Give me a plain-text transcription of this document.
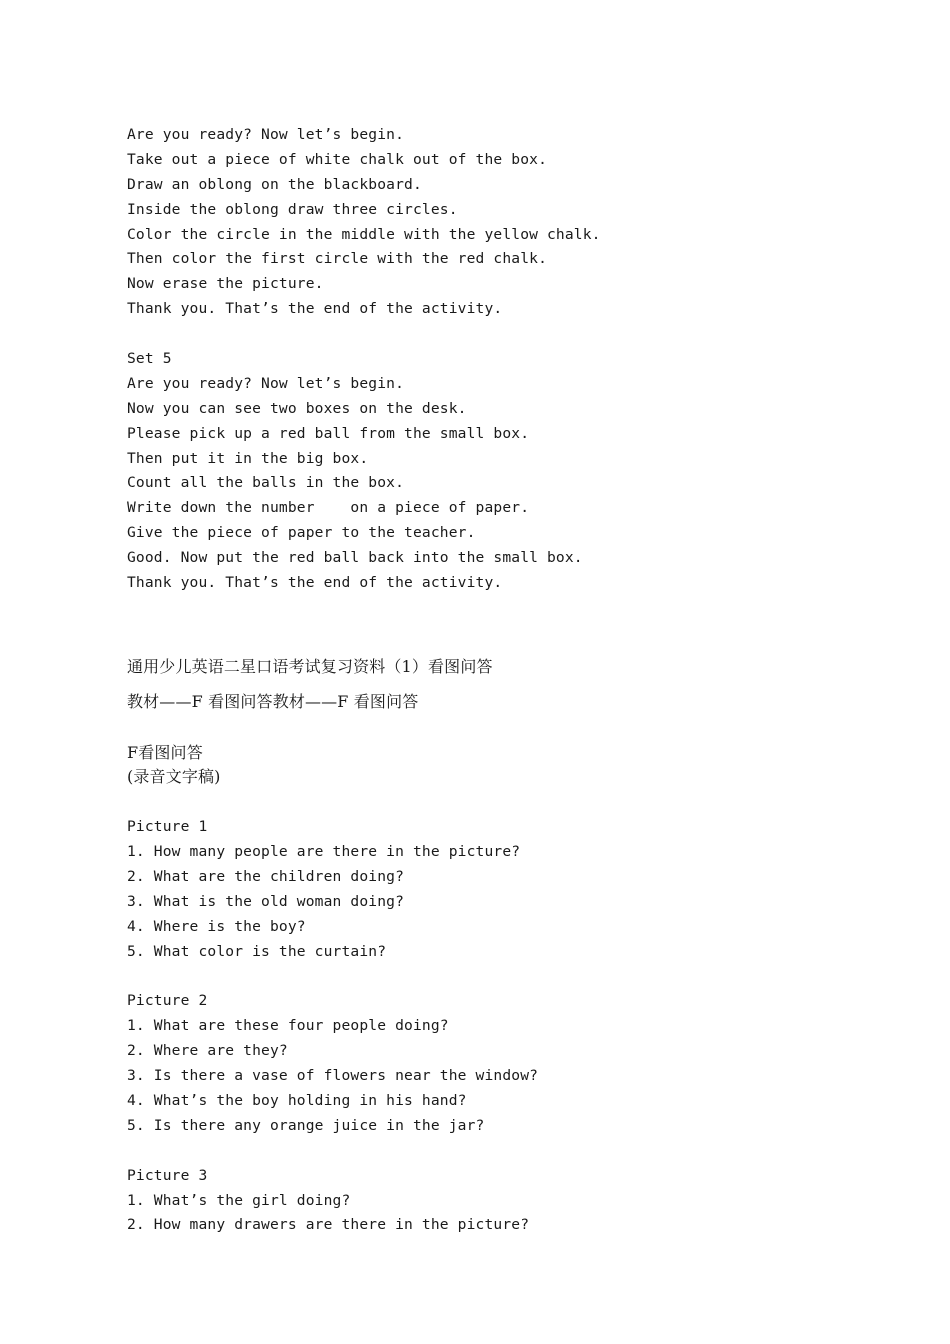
Are you ready? Now let’s begin.
Take out a piece of white chalk out of the box.
Draw an oblong on the blackboard.
Inside the oblong draw three circles.
Color the circle in the middle with the yellow chalk.
Then color the first circle with the red chalk.
Now erase the picture.
Thank you. That’s the end of the activity.
Set 5
Are you ready? Now let’s begin.
Now you can see two boxes on the desk.
Please pick up a red ball from the small box.
Then put it in the big box.
Count all the balls in the box.
Write down the number    on a piece of paper.
Give the piece of paper to the teacher.
Good. Now put the red ball back into the small box.
Thank you. That’s the end of the activity.
通用少儿英语二星口语考试复习资料（1）看图问答
教材——F 看图问答教材——F 看图问答
F看图问答
(录音文字稿)
Picture 1
1. How many people are there in the picture?
2. What are the children doing?
3. What is the old woman doing?
4. Where is the boy?
5. What color is the curtain?
Picture 2
1. What are these four people doing?
2. Where are they?
3. Is there a vase of flowers near the window?
4. What’s the boy holding in his hand?
5. Is there any orange juice in the jar?
Picture 3
1. What’s the girl doing?
2. How many drawers are there in the picture?
